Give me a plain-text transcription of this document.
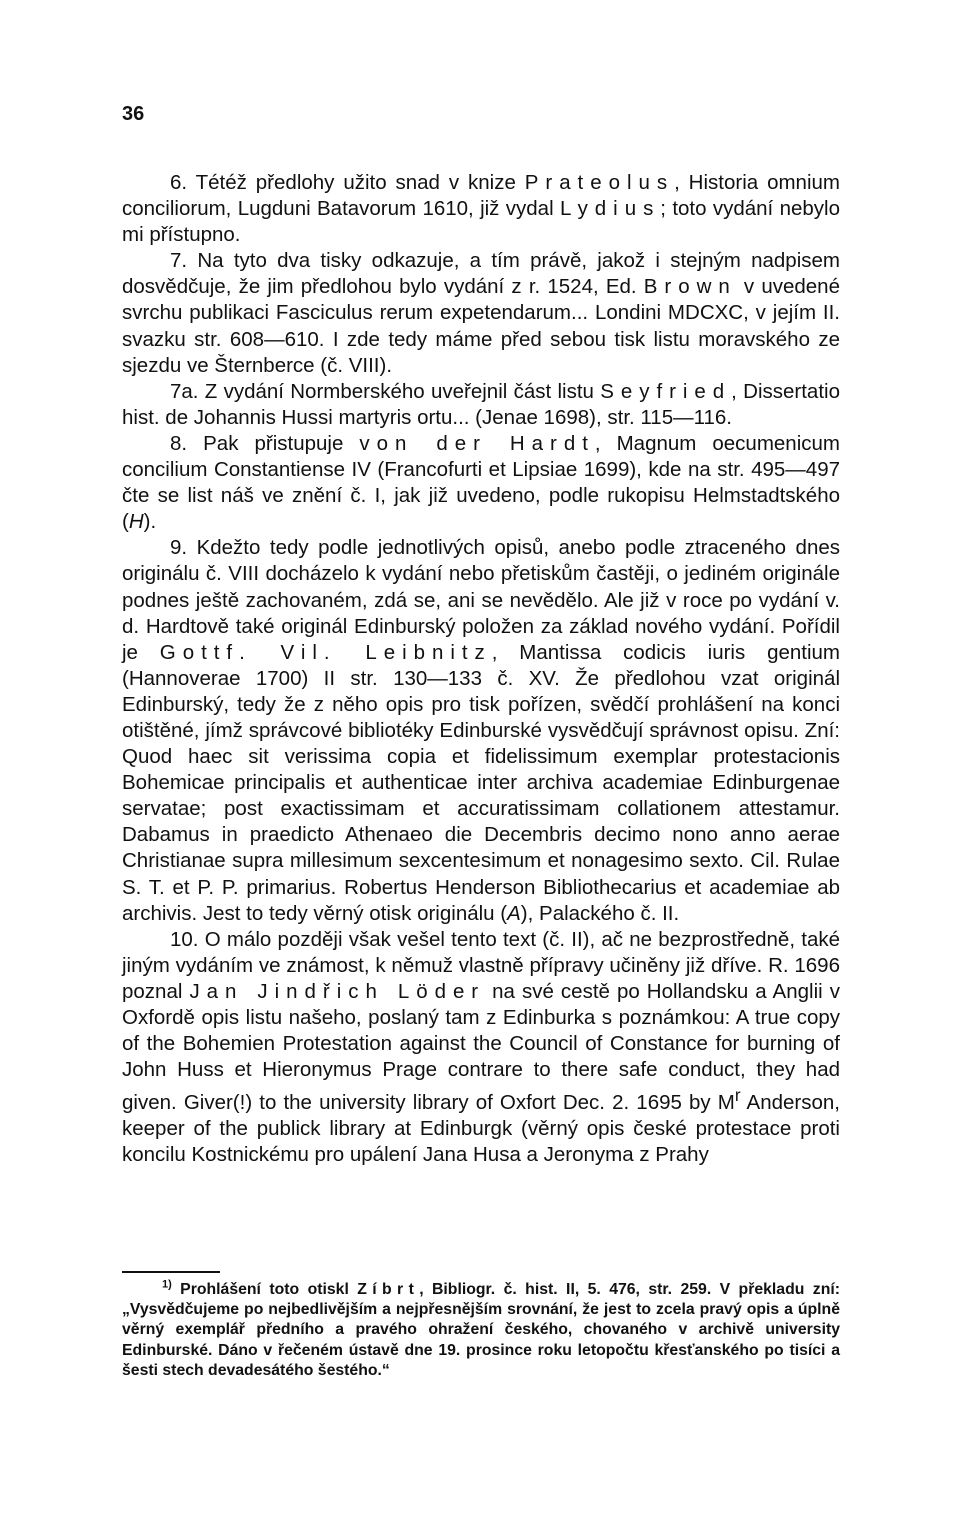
36

6. Tétéž předlohy užito snad v knize Prateolus, Historia omnium conciliorum, Lugduni Batavorum 1610, již vydal Lydius; toto vydání nebylo mi přístupno.

7. Na tyto dva tisky odkazuje, a tím právě, jakož i stejným nadpisem dosvědčuje, že jim předlohou bylo vydání z r. 1524, Ed. Brown v uvedené svrchu publikaci Fasciculus rerum expetendarum... Londini MDCXC, v jejím II. svazku str. 608—610. I zde tedy máme před sebou tisk listu moravského ze sjezdu ve Šternberce (č. VIII).

7a. Z vydání Normberského uveřejnil část listu Seyfried, Dissertatio hist. de Johannis Hussi martyris ortu... (Jenae 1698), str. 115—116.

8. Pak přistupuje von der Hardt, Magnum oecumenicum concilium Constantiense IV (Francofurti et Lipsiae 1699), kde na str. 495—497 čte se list náš ve znění č. I, jak již uvedeno, podle rukopisu Helmstadtského (H).

9. Kdežto tedy podle jednotlivých opisů, anebo podle ztraceného dnes originálu č. VIII docházelo k vydání nebo přetiskům častěji, o jediném originále podnes ještě zachovaném, zdá se, ani se nevědělo. Ale již v roce po vydání v. d. Hardtově také originál Edinburský položen za základ nového vydání. Pořídil je Gottf. Vil. Leibnitz, Mantissa codicis iuris gentium (Hannoverae 1700) II str. 130—133 č. XV. Že předlohou vzat originál Edinburský, tedy že z něho opis pro tisk pořízen, svědčí prohlášení na konci otištěné, jímž správcové bibliotéky Edinburské vysvědčují správnost opisu. Zní: Quod haec sit verissima copia et fidelissimum exemplar protestacionis Bohemicae principalis et authenticae inter archiva academiae Edinburgenae servatae; post exactissimam et accuratissimam collationem attestamur. Dabamus in praedicto Athenaeo die Decembris decimo nono anno aerae Christianae supra millesimum sexcentesimum et nonagesimo sexto. Cil. Rulae S. T. et P. P. primarius. Robertus Henderson Bibliothecarius et academiae ab archivis. Jest to tedy věrný otisk originálu (A), Palackého č. II.

10. O málo později však vešel tento text (č. II), ač ne bezprostředně, také jiným vydáním ve známost, k němuž vlastně přípravy učiněny již dříve. R. 1696 poznal Jan Jindřich Löder na své cestě po Hollandsku a Anglii v Oxfordě opis listu našeho, poslaný tam z Edinburka s poznámkou: A true copy of the Bohemien Protestation against the Council of Constance for burning of John Huss et Hieronymus Prage contrare to there safe conduct, they had given. Giver(!) to the university library of Oxfort Dec. 2. 1695 by $M^r$ Anderson, keeper of the publick library at Edinburgk (věrný opis české protestace proti koncilu Kostnickému pro upálení Jana Husa a Jeronyma z Prahy

$^{1)}$ Prohlášení toto otiskl Zíbrt, Bibliogr. č. hist. II, 5. 476, str. 259. V překladu zní: „Vysvědčujeme po nejbedlivějším a nejpřesnějším srovnání, že jest to zcela pravý opis a úplně věrný exemplář předního a pravého ohražení českého, chovaného v archivě university Edinburské. Dáno v řečeném ústavě dne 19. prosince roku letopočtu křesťanského po tisíci a šesti stech devadesátého šestého.“
